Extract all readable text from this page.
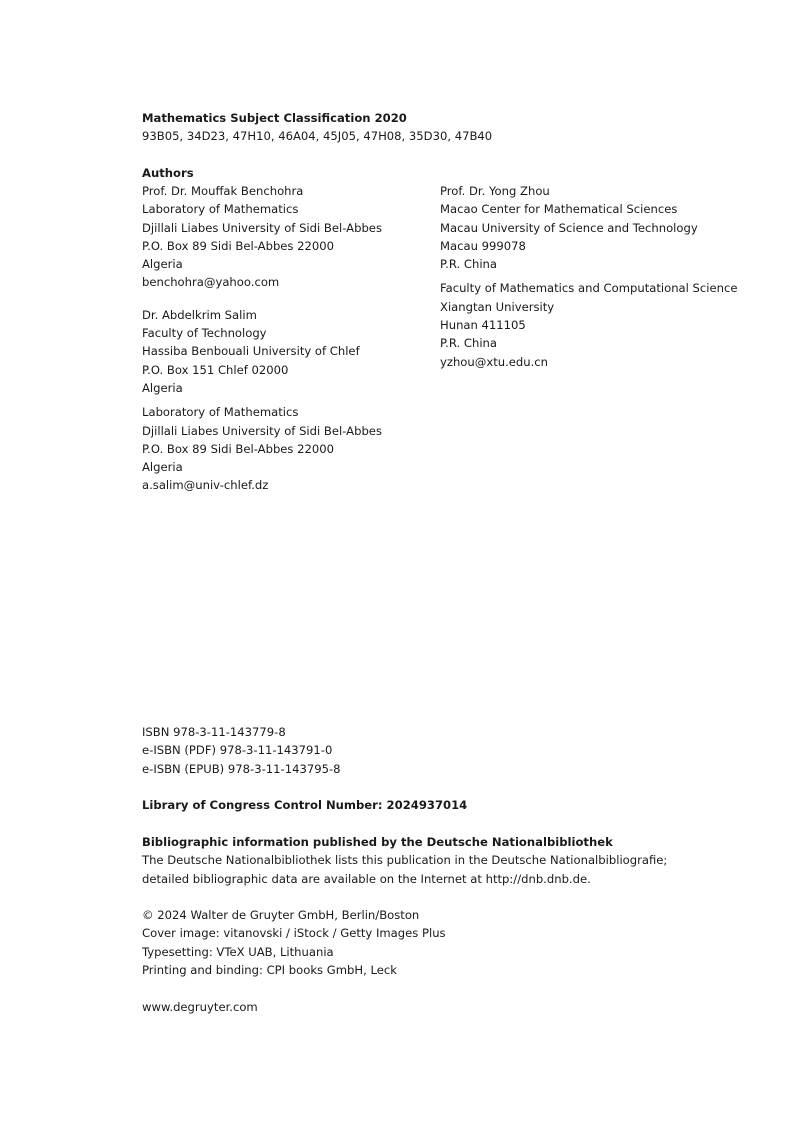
Mathematics Subject Classification 2020
93B05, 34D23, 47H10, 46A04, 45J05, 47H08, 35D30, 47B40
Authors
Prof. Dr. Mouffak Benchohra
Laboratory of Mathematics
Djillali Liabes University of Sidi Bel-Abbes
P.O. Box 89 Sidi Bel-Abbes 22000
Algeria
benchohra@yahoo.com
Dr. Abdelkrim Salim
Faculty of Technology
Hassiba Benbouali University of Chlef
P.O. Box 151 Chlef 02000
Algeria
Laboratory of Mathematics
Djillali Liabes University of Sidi Bel-Abbes
P.O. Box 89 Sidi Bel-Abbes 22000
Algeria
a.salim@univ-chlef.dz
Prof. Dr. Yong Zhou
Macao Center for Mathematical Sciences
Macau University of Science and Technology
Macau 999078
P.R. China
Faculty of Mathematics and Computational Science
Xiangtan University
Hunan 411105
P.R. China
yzhou@xtu.edu.cn
ISBN 978-3-11-143779-8
e-ISBN (PDF) 978-3-11-143791-0
e-ISBN (EPUB) 978-3-11-143795-8
Library of Congress Control Number: 2024937014
Bibliographic information published by the Deutsche Nationalbibliothek
The Deutsche Nationalbibliothek lists this publication in the Deutsche Nationalbibliografie;
detailed bibliographic data are available on the Internet at http://dnb.dnb.de.
© 2024 Walter de Gruyter GmbH, Berlin/Boston
Cover image: vitanovski / iStock / Getty Images Plus
Typesetting: VTeX UAB, Lithuania
Printing and binding: CPI books GmbH, Leck
www.degruyter.com
